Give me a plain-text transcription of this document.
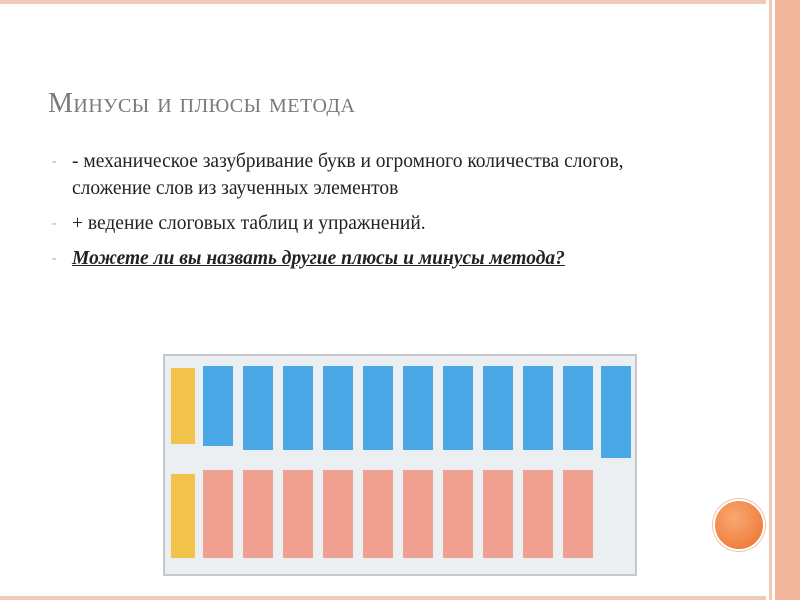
Минусы и плюсы метода
- - механическое зазубривание букв и огромного количества слогов, сложение слов из заученных элементов
- + ведение слоговых таблиц и упражнений.
- Можете ли вы назвать другие плюсы и минусы метода?
